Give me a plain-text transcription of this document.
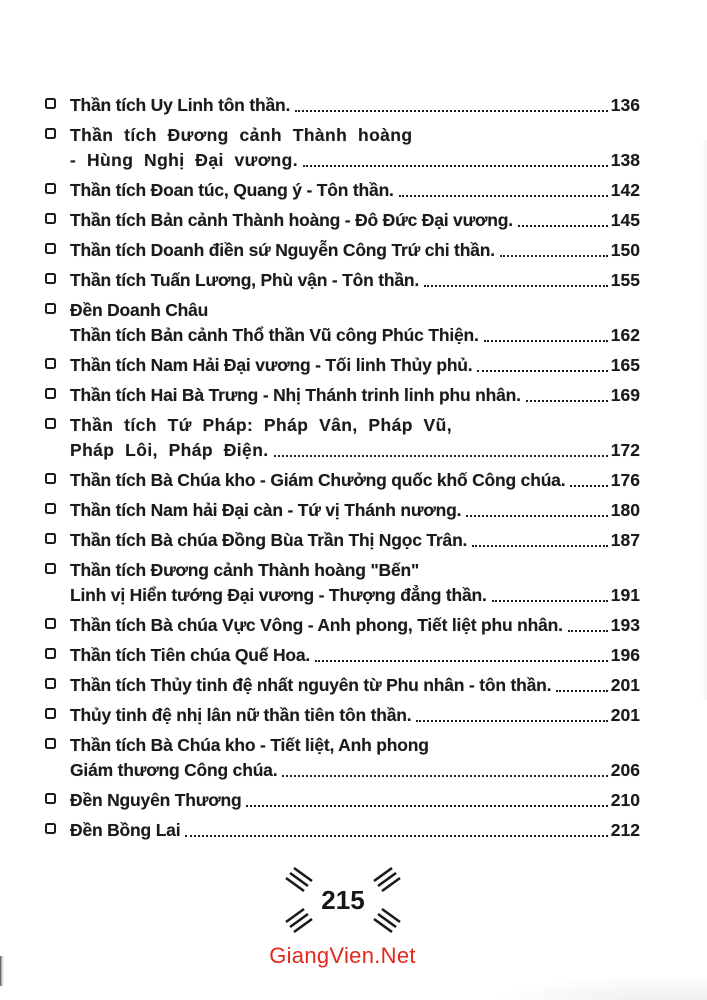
Thần tích Uy Linh tôn thần.	136
Thần tích Đương cảnh Thành hoàng
- Hùng Nghị Đại vương.	138
Thần tích Đoan túc, Quang ý - Tôn thần.	142
Thần tích Bản cảnh Thành hoàng - Đô Đức Đại vương.	145
Thần tích Doanh điền sứ Nguyễn Công Trứ chi thần.	150
Thần tích Tuấn Lương, Phù vận - Tôn thần.	155
Đền Doanh Châu
Thần tích Bản cảnh Thổ thần Vũ công Phúc Thiện.	162
Thần tích Nam Hải Đại vương - Tối linh Thủy phủ.	165
Thần tích Hai Bà Trưng - Nhị Thánh trinh linh phu nhân.	169
Thần tích Tứ Pháp: Pháp Vân, Pháp Vũ,
Pháp Lôi, Pháp Điện.	172
Thần tích Bà Chúa kho - Giám Chưởng quốc khố Công chúa.	176
Thần tích Nam hải Đại càn - Tứ vị Thánh nương.	180
Thần tích Bà chúa Đồng Bùa Trần Thị Ngọc Trân.	187
Thần tích Đương cảnh Thành hoàng "Bến"
Linh vị Hiển tướng Đại vương - Thượng đẳng thần.	191
Thần tích Bà chúa Vực Vông - Anh phong, Tiết liệt phu nhân.	193
Thần tích Tiên chúa Quế Hoa.	196
Thần tích Thủy tinh đệ nhất nguyên từ Phu nhân - tôn thần.	201
Thủy tinh đệ nhị lân nữ thần tiên tôn thần.	201
Thần tích Bà Chúa kho - Tiết liệt, Anh phong
Giám thương Công chúa.	206
Đền Nguyên Thương	210
Đền Bồng Lai	212
215
GiangVien.Net
